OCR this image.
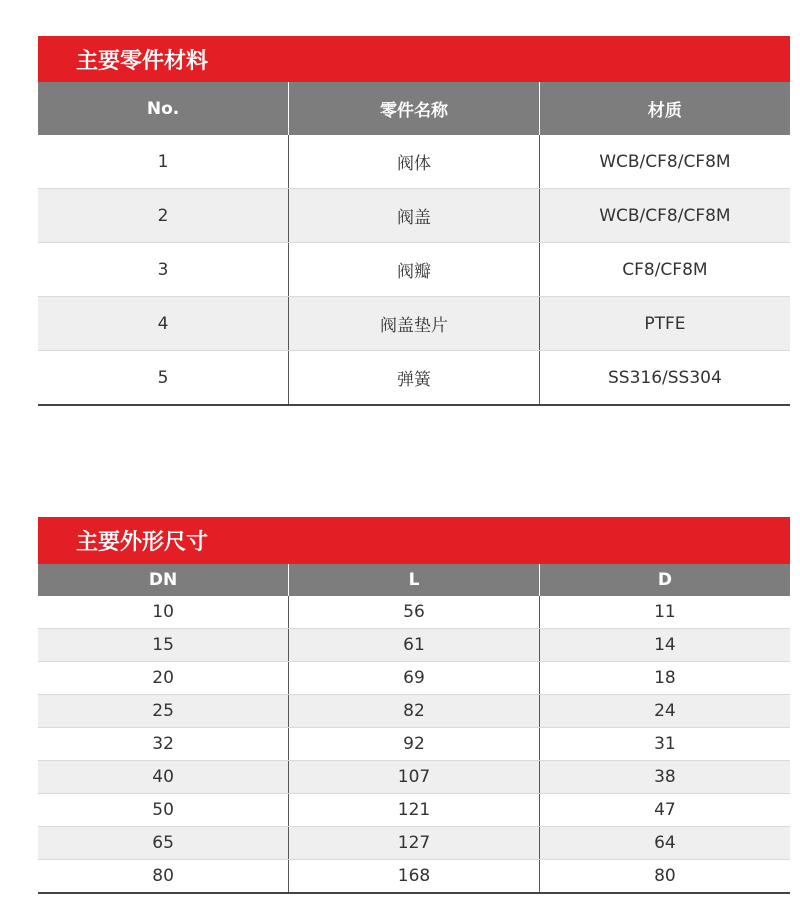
主要零件材料
No.	零件名称	材质
1	阀体	WCB/CF8/CF8M
2	阀盖	WCB/CF8/CF8M
3	阀瓣	CF8/CF8M
4	阀盖垫片	PTFE
5	弹簧	SS316/SS304
主要外形尺寸
DN	L	D
10	56	11
15	61	14
20	69	18
25	82	24
32	92	31
40	107	38
50	121	47
65	127	64
80	168	80
